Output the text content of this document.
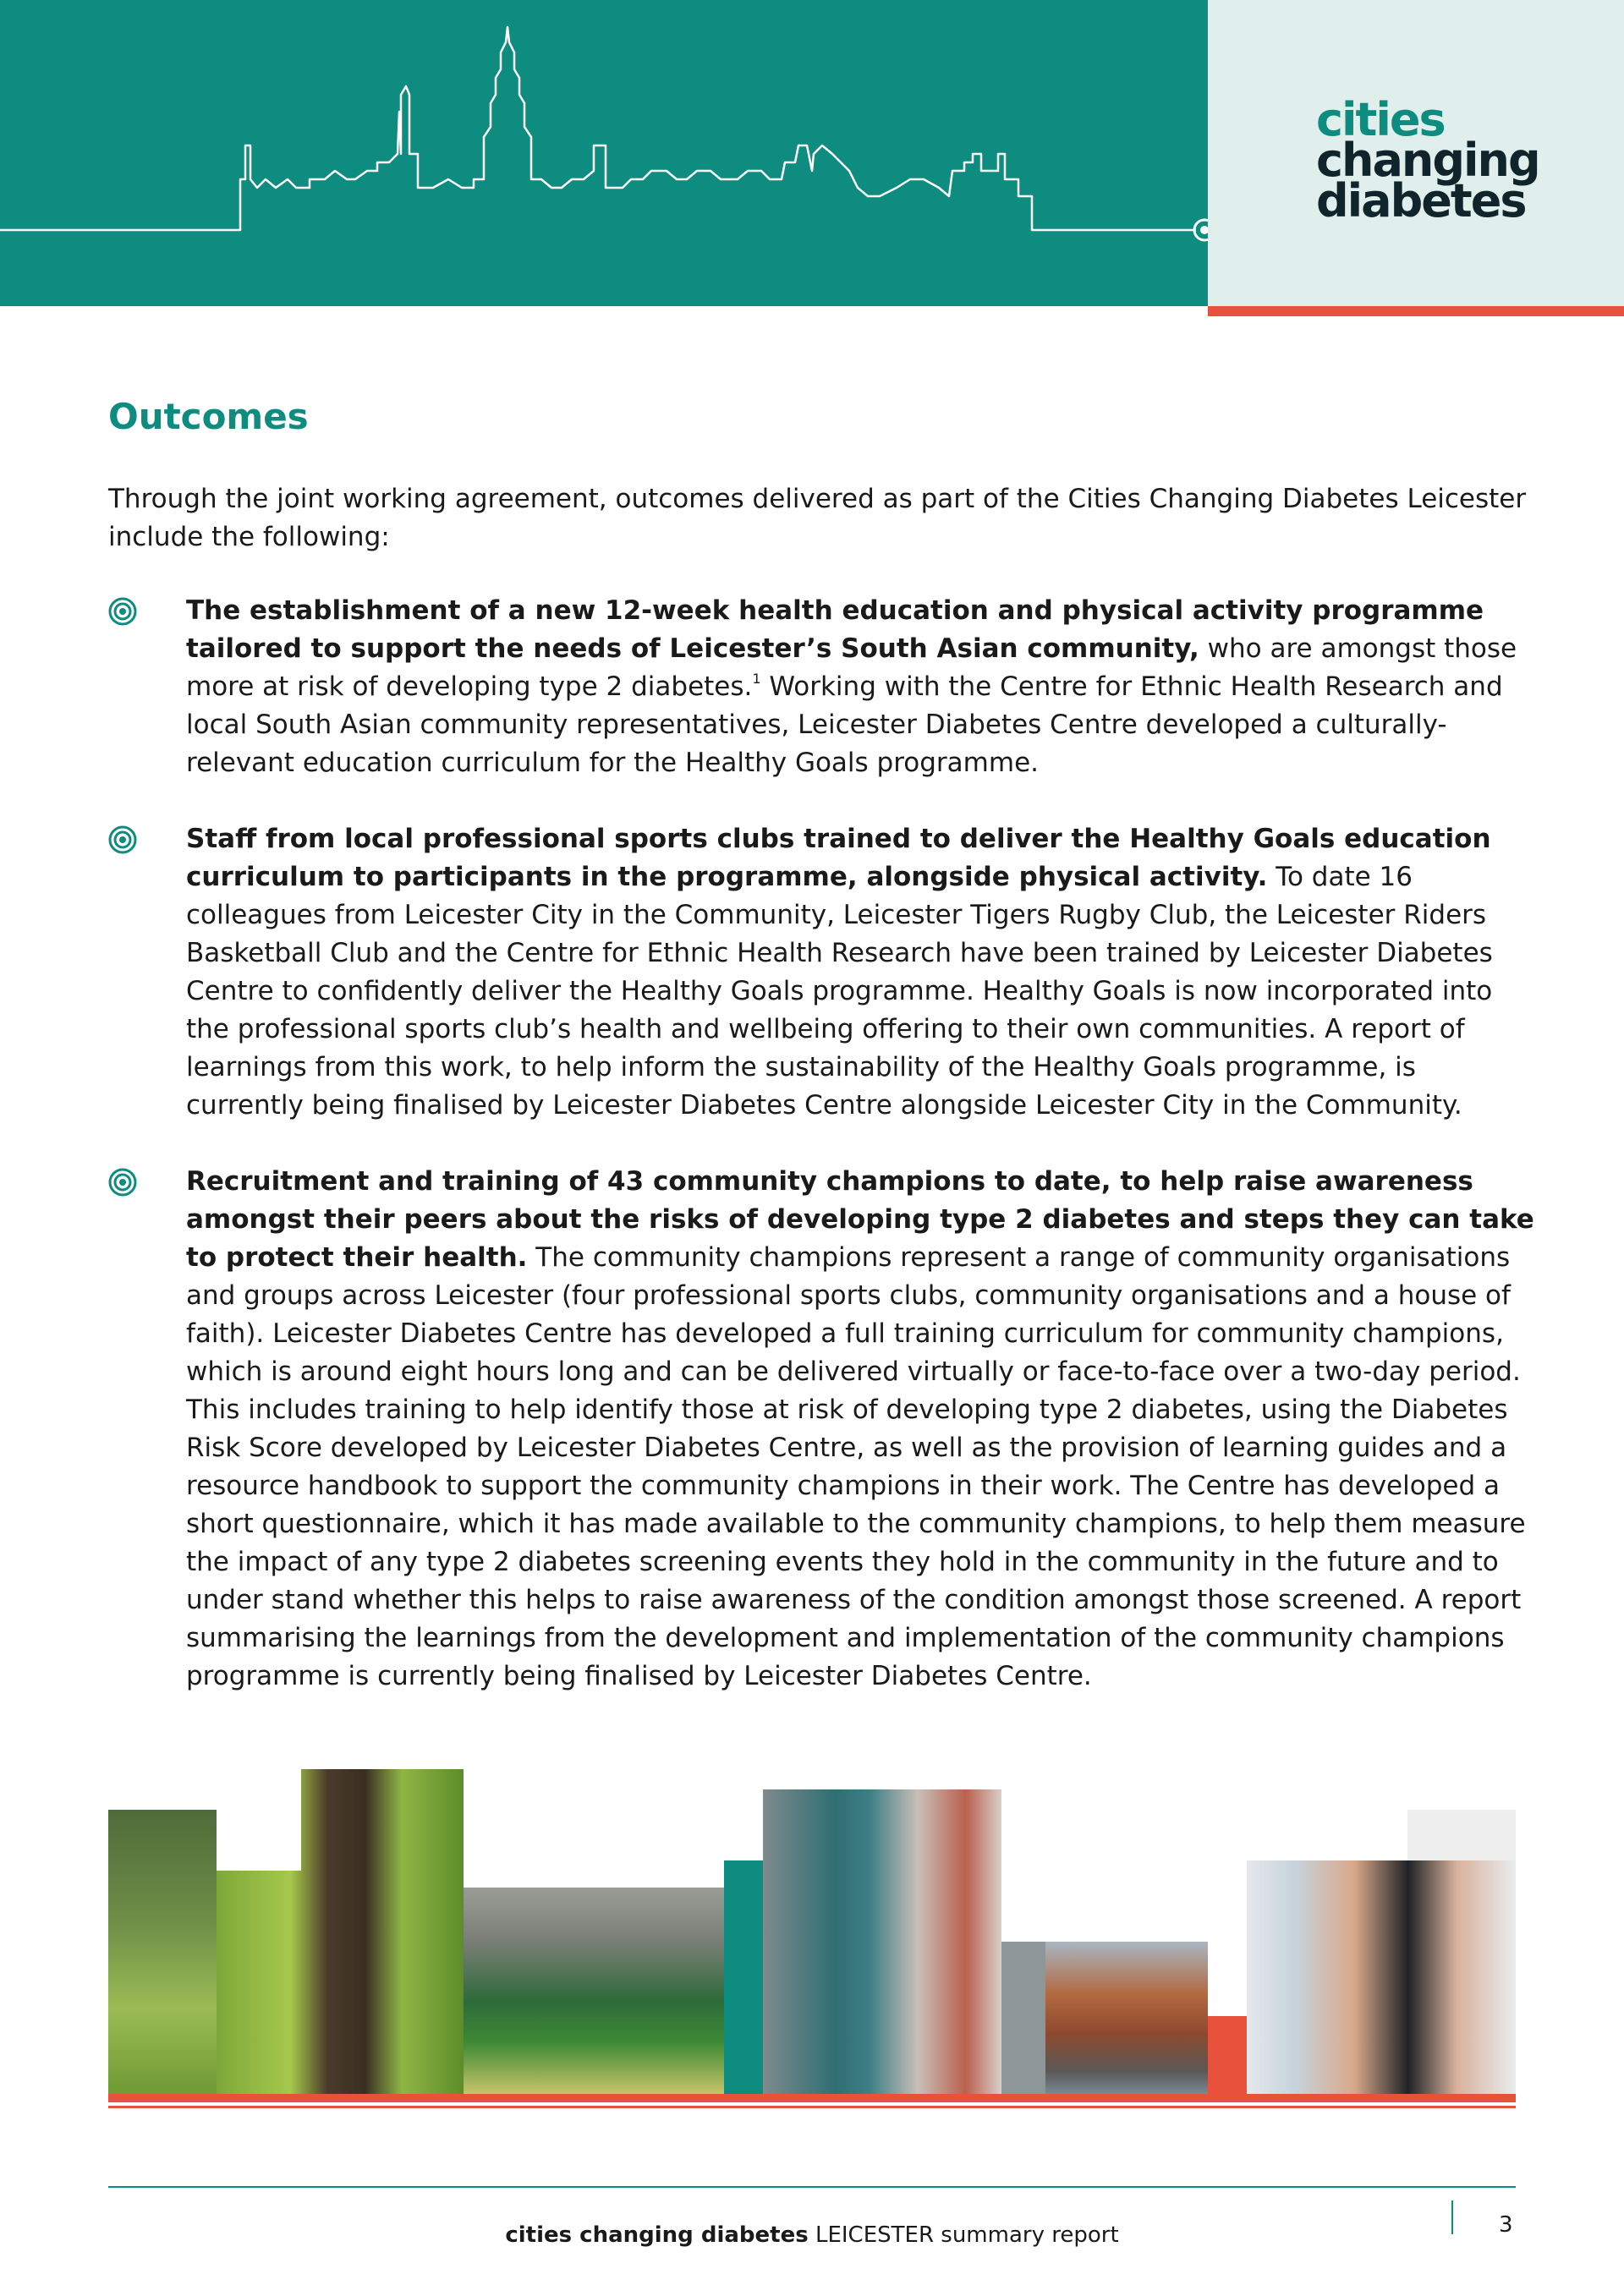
cities
changing
diabetes
Outcomes

Through the joint working agreement, outcomes delivered as part of the Cities Changing Diabetes Leicester include the following:

The establishment of a new 12-week health education and physical activity programme tailored to support the needs of Leicester’s South Asian community, who are amongst those more at risk of developing type 2 diabetes.$^1$ Working with the Centre for Ethnic Health Research and local South Asian community representatives, Leicester Diabetes Centre developed a culturally-relevant education curriculum for the Healthy Goals programme.

Staff from local professional sports clubs trained to deliver the Healthy Goals education curriculum to participants in the programme, alongside physical activity. To date 16 colleagues from Leicester City in the Community, Leicester Tigers Rugby Club, the Leicester Riders Basketball Club and the Centre for Ethnic Health Research have been trained by Leicester Diabetes Centre to confidently deliver the Healthy Goals programme. Healthy Goals is now incorporated into the professional sports club’s health and wellbeing offering to their own communities. A report of learnings from this work, to help inform the sustainability of the Healthy Goals programme, is currently being finalised by Leicester Diabetes Centre alongside Leicester City in the Community.

Recruitment and training of 43 community champions to date, to help raise awareness amongst their peers about the risks of developing type 2 diabetes and steps they can take to protect their health. The community champions represent a range of community organisations and groups across Leicester (four professional sports clubs, community organisations and a house of faith). Leicester Diabetes Centre has developed a full training curriculum for community champions, which is around eight hours long and can be delivered virtually or face-to-face over a two-day period. This includes training to help identify those at risk of developing type 2 diabetes, using the Diabetes Risk Score developed by Leicester Diabetes Centre, as well as the provision of learning guides and a resource handbook to support the community champions in their work. The Centre has developed a short questionnaire, which it has made available to the community champions, to help them measure the impact of any type 2 diabetes screening events they hold in the community in the future and to under stand whether this helps to raise awareness of the condition amongst those screened. A report summarising the learnings from the development and implementation of the community champions programme is currently being finalised by Leicester Diabetes Centre.

cities changing diabetes LEICESTER summary report	3
